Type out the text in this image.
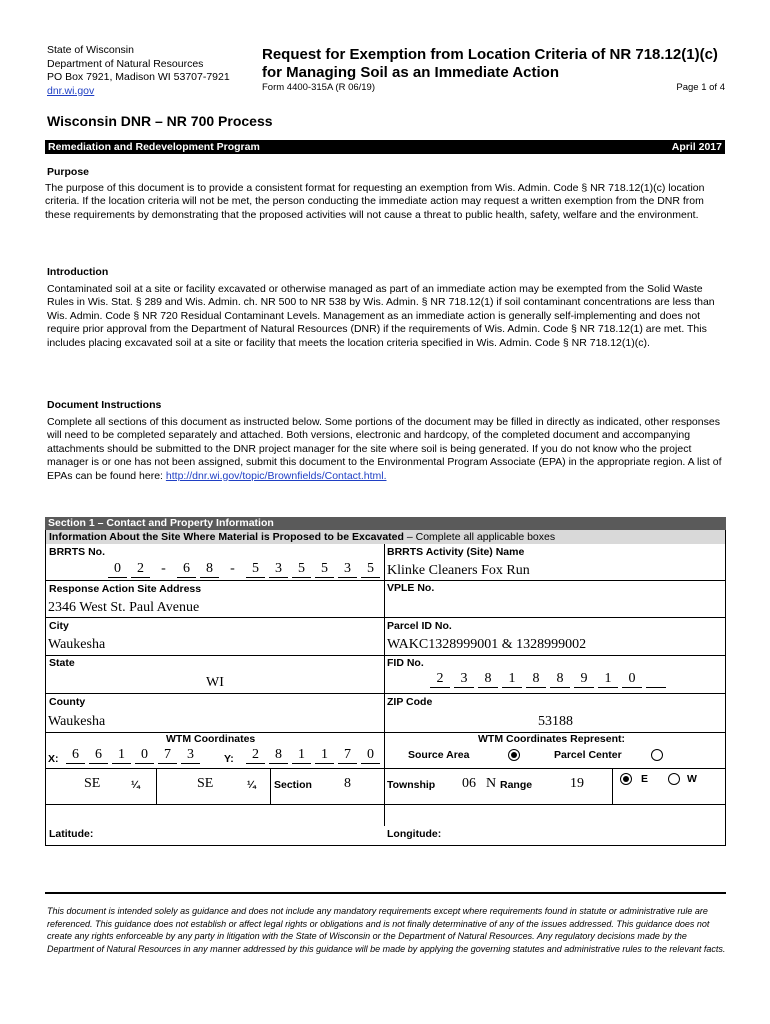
State of Wisconsin
Department of Natural Resources
PO Box 7921, Madison WI 53707-7921
dnr.wi.gov
Request for Exemption from Location Criteria of NR 718.12(1)(c)
for Managing Soil as an Immediate Action
Form 4400-315A (R 06/19)	Page 1 of 4
Wisconsin DNR – NR 700 Process
Remediation and Redevelopment Program	April 2017
Purpose
The purpose of this document is to provide a consistent format for requesting an exemption from Wis. Admin. Code § NR 718.12(1)(c) location criteria. If the location criteria will not be met, the person conducting the immediate action may request a written exemption from the DNR from these requirements by demonstrating that the proposed activities will not cause a threat to public health, safety, welfare and the environment.
Introduction
Contaminated soil at a site or facility excavated or otherwise managed as part of an immediate action may be exempted from the Solid Waste Rules in Wis. Stat. § 289 and Wis. Admin. ch. NR 500 to NR 538 by Wis. Admin. § NR 718.12(1) if soil contaminant concentrations are less than Wis. Admin. Code § NR 720 Residual Contaminant Levels. Management as an immediate action is generally self-implementing and does not require prior approval from the Department of Natural Resources (DNR) if the requirements of Wis. Admin. Code § NR 718.12(1) are met. This includes placing excavated soil at a site or facility that meets the location criteria specified in Wis. Admin. Code § NR 718.12(1)(c).
Document Instructions
Complete all sections of this document as instructed below. Some portions of the document may be filled in directly as indicated, other responses will need to be completed separately and attached. Both versions, electronic and hardcopy, of the completed document and accompanying attachments should be submitted to the DNR project manager for the site where soil is being generated. If you do not know who the project manager is or one has not been assigned, submit this document to the Environmental Program Associate (EPA) in the appropriate region. A list of EPAs can be found here: http://dnr.wi.gov/topic/Brownfields/Contact.html.
Section 1 – Contact and Property Information
Information About the Site Where Material is Proposed to be Excavated – Complete all applicable boxes
BRRTS No.
0	2	-	6	8	-	5	3	5	5	3	5
BRRTS Activity (Site) Name
Klinke Cleaners Fox Run
Response Action Site Address
2346 West St. Paul Avenue
VPLE No.
City
Waukesha
Parcel ID No.
WAKC1328999001 & 1328999002
State
WI
FID No.
2	3	8	1	8	8	9	1	0
County
Waukesha
ZIP Code
53188
WTM Coordinates
X: 6	6	1	0	7	3	Y:	2	8	1	1	7	0
WTM Coordinates Represent:
Source Area	Parcel Center
SE	¼	SE	¼ Section 8	Township 06 N Range	19	E	W
Latitude:	Longitude:
This document is intended solely as guidance and does not include any mandatory requirements except where requirements found in statute or administrative rule are referenced. This guidance does not establish or affect legal rights or obligations and is not finally determinative of any of the issues addressed. This guidance does not create any rights enforceable by any party in litigation with the State of Wisconsin or the Department of Natural Resources. Any regulatory decisions made by the Department of Natural Resources in any manner addressed by this guidance will be made by applying the governing statutes and administrative rules to the relevant facts.
